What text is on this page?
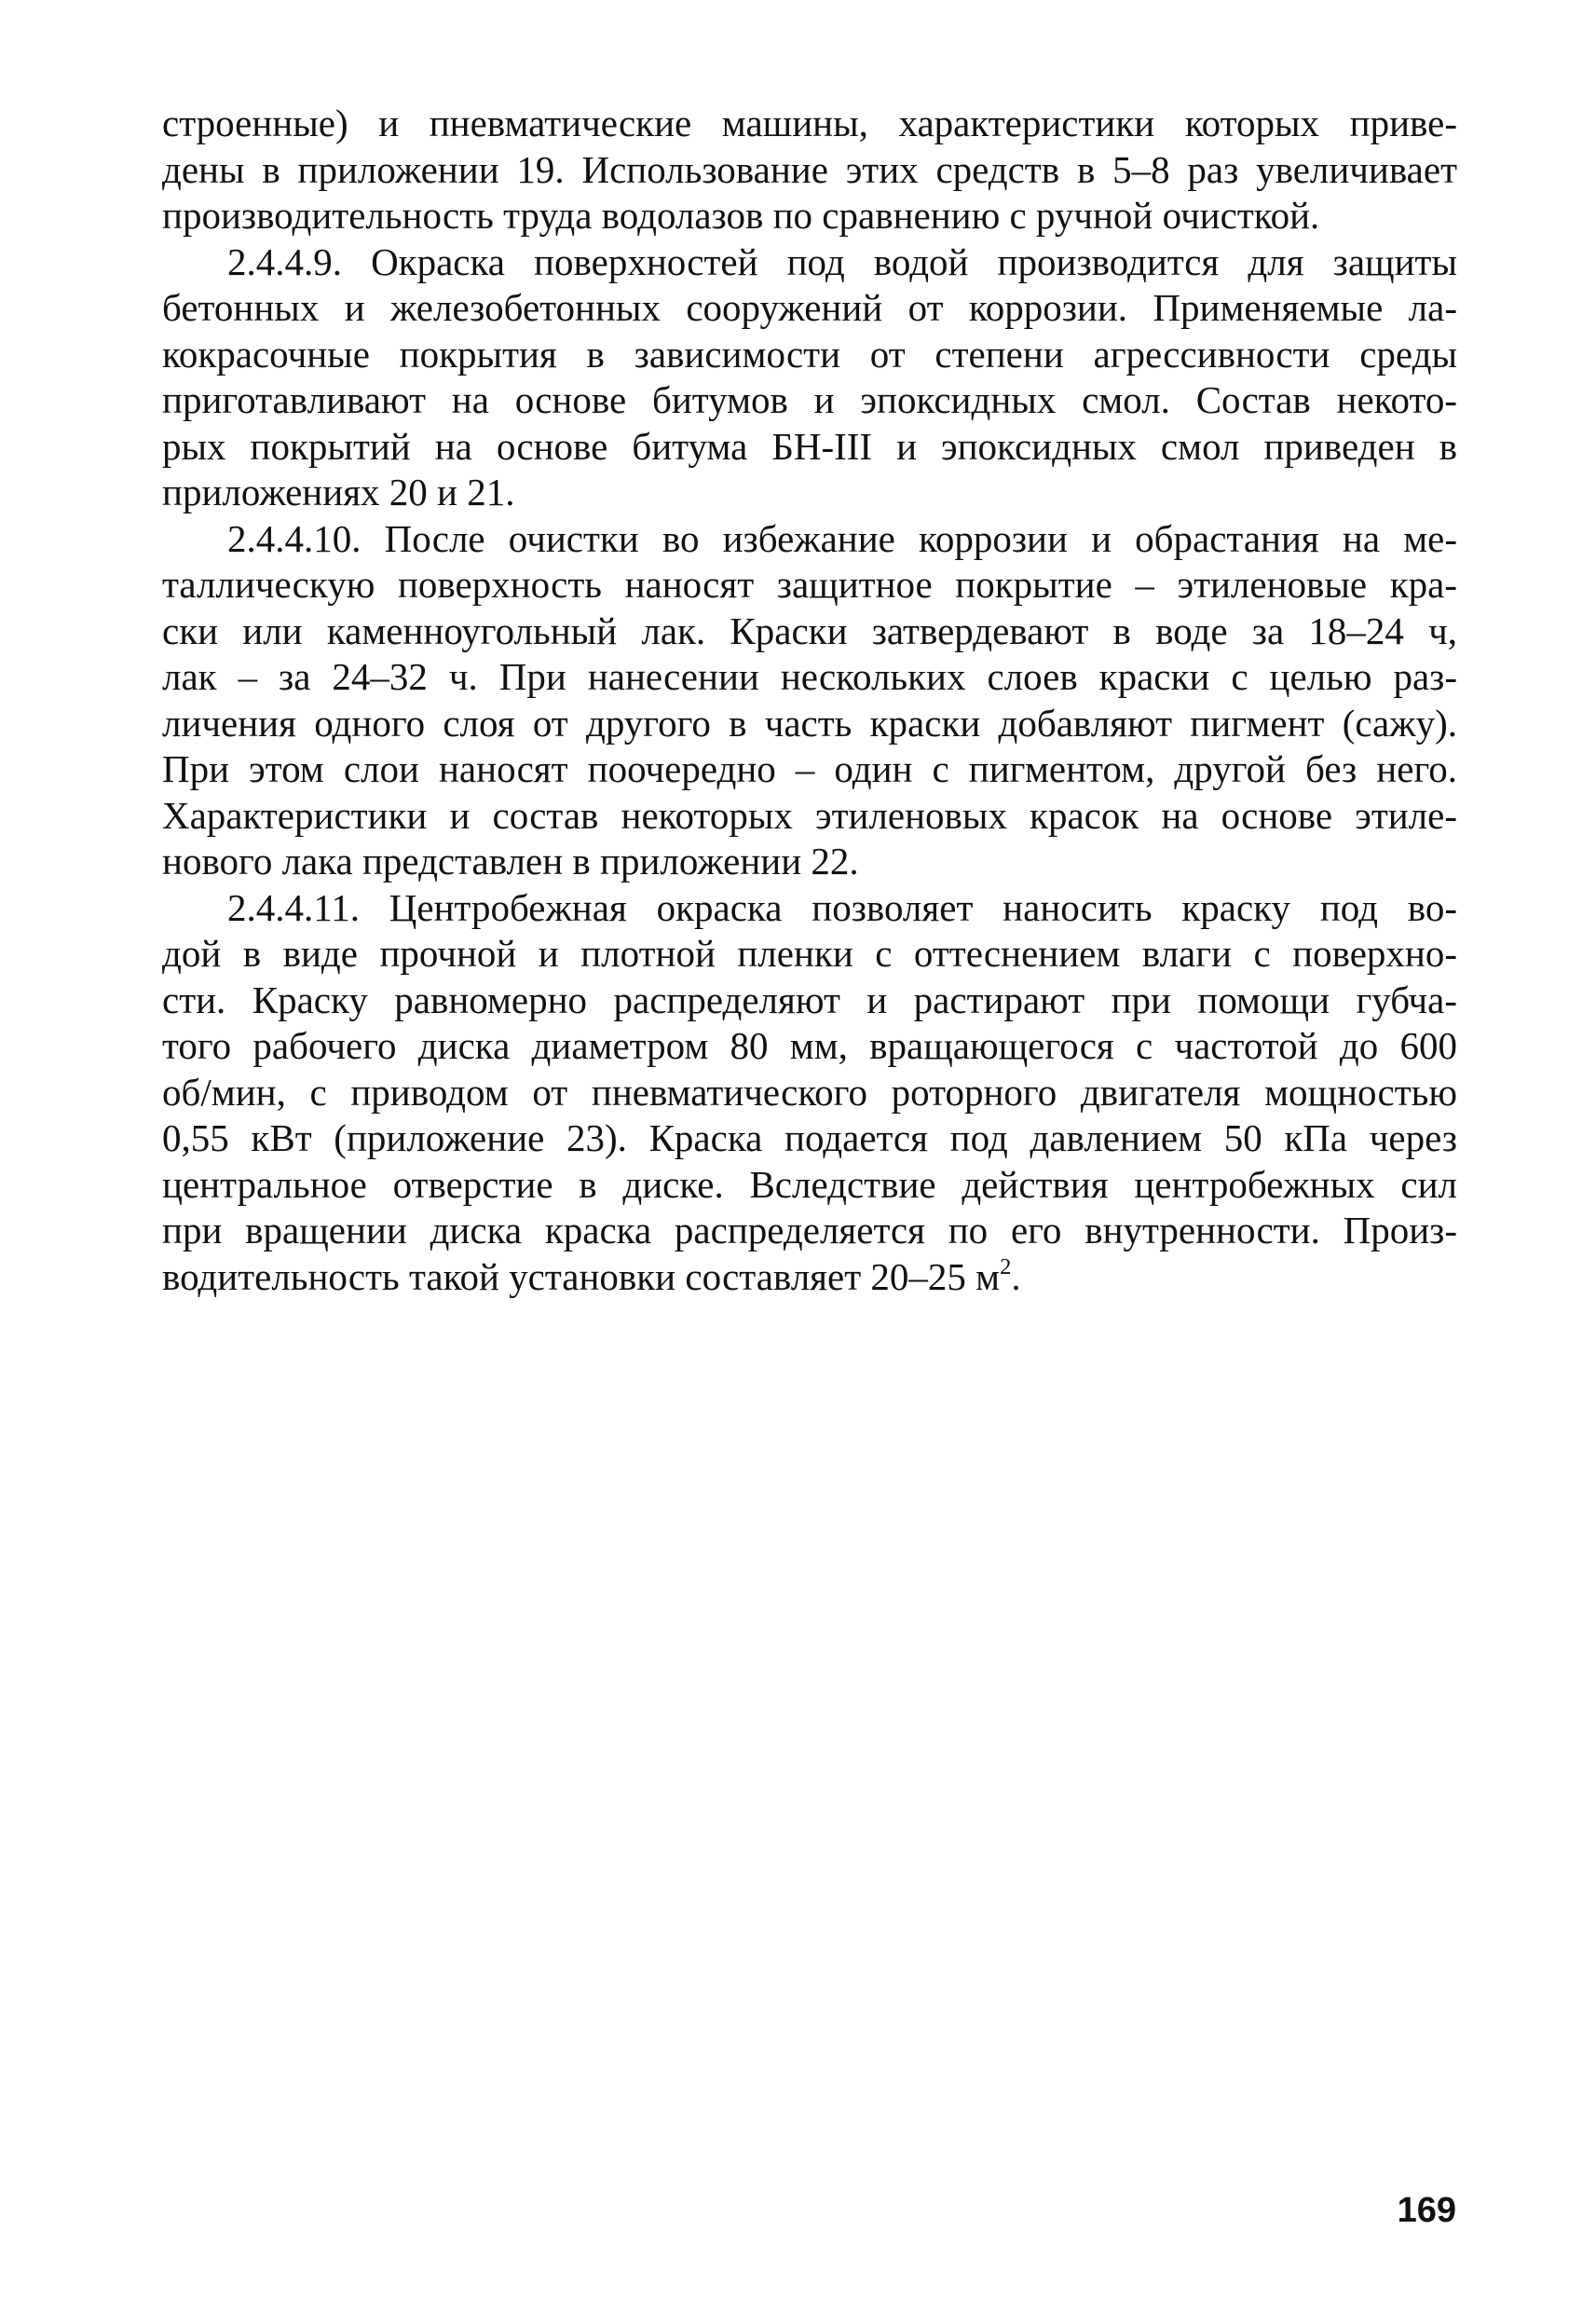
строенные) и пневматические машины, характеристики которых приве-
дены в приложении 19. Использование этих средств в 5–8 раз увеличивает
производительность труда водолазов по сравнению с ручной очисткой.

2.4.4.9. Окраска поверхностей под водой производится для защиты
бетонных и железобетонных сооружений от коррозии. Применяемые ла-
кокрасочные покрытия в зависимости от степени агрессивности среды
приготавливают на основе битумов и эпоксидных смол. Состав некото-
рых покрытий на основе битума БН-III и эпоксидных смол приведен в
приложениях 20 и 21.

2.4.4.10. После очистки во избежание коррозии и обрастания на ме-
таллическую поверхность наносят защитное покрытие – этиленовые кра-
ски или каменноугольный лак. Краски затвердевают в воде за 18–24 ч,
лак – за 24–32 ч. При нанесении нескольких слоев краски с целью раз-
личения одного слоя от другого в часть краски добавляют пигмент (сажу).
При этом слои наносят поочередно – один с пигментом, другой без него.
Характеристики и состав некоторых этиленовых красок на основе этиле-
нового лака представлен в приложении 22.

2.4.4.11. Центробежная окраска позволяет наносить краску под во-
дой в виде прочной и плотной пленки с оттеснением влаги с поверхно-
сти. Краску равномерно распределяют и растирают при помощи губча-
того рабочего диска диаметром 80 мм, вращающегося с частотой до 600
об/мин, с приводом от пневматического роторного двигателя мощностью
0,55 кВт (приложение 23). Краска подается под давлением 50 кПа через
центральное отверстие в диске. Вследствие действия центробежных сил
при вращении диска краска распределяется по его внутренности. Произ-
водительность такой установки составляет 20–25 $м^2$.

169
